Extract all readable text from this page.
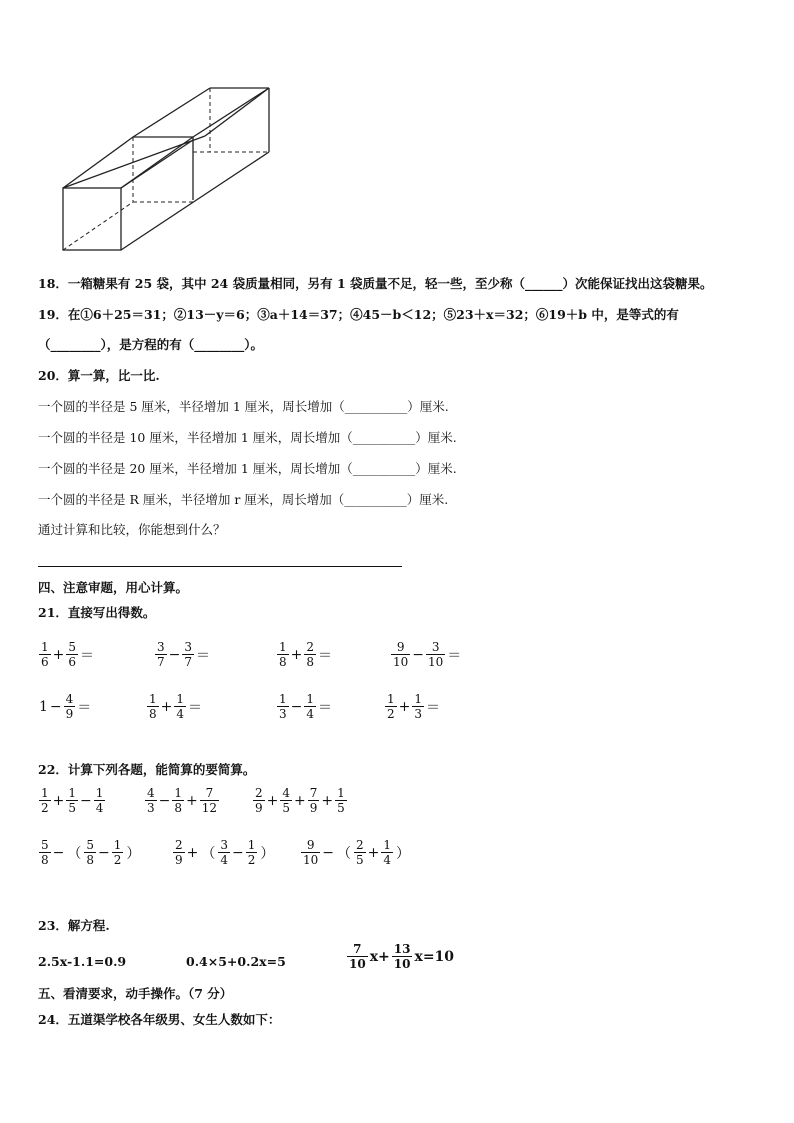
18．一箱糖果有 25 袋，其中 24 袋质量相同，另有 1 袋质量不足，轻一些，至少称（______）次能保证找出这袋糖果。
19．在①6＋25＝31；②13－y＝6；③a＋14＝37；④45－b＜12；⑤23＋x＝32；⑥19＋b 中，是等式的有
（________），是方程的有（________）。
20．算一算，比一比.
一个圆的半径是 5 厘米，半径增加 1 厘米，周长增加（__________）厘米.
一个圆的半径是 10 厘米，半径增加 1 厘米，周长增加（__________）厘米.
一个圆的半径是 20 厘米，半径增加 1 厘米，周长增加（__________）厘米.
一个圆的半径是 R 厘米，半径增加 r 厘米，周长增加（__________）厘米.
通过计算和比较，你能想到什么？
四、注意审题，用心计算。
21．直接写出得数。
22．计算下列各题，能简算的要简算。
23．解方程.
2.5x-1.1=0.9	0.4×5+0.2x=5
五、看清要求，动手操作。（7 分）
24．五道渠学校各年级男、女生人数如下：
$\frac{1}{6} + \frac{5}{6}$ ＝	$\frac{3}{7} - \frac{3}{7}$ ＝	$\frac{1}{8} + \frac{2}{8}$ ＝	$\frac{9}{10} - \frac{3}{10}$ ＝
$1 - \frac{4}{9}$ ＝	$\frac{1}{8} + \frac{1}{4}$ ＝	$\frac{1}{3} - \frac{1}{4}$ ＝	$\frac{1}{2} + \frac{1}{3}$ ＝
$\frac{1}{2} + \frac{1}{5} - \frac{1}{4}$	$\frac{4}{3} - \frac{1}{8} + \frac{7}{12}$	$\frac{2}{9} + \frac{4}{5} + \frac{7}{9} + \frac{1}{5}$
$\frac{5}{8}$ − （ $\frac{5}{8} - \frac{1}{2}$ ）	$\frac{2}{9}$ + （ $\frac{3}{4} - \frac{1}{2}$ ） $\frac{9}{10}$ − （ $\frac{2}{5} + \frac{1}{4}$ ）
$\frac{7}{10} x+ \frac{13}{10} x=10$
